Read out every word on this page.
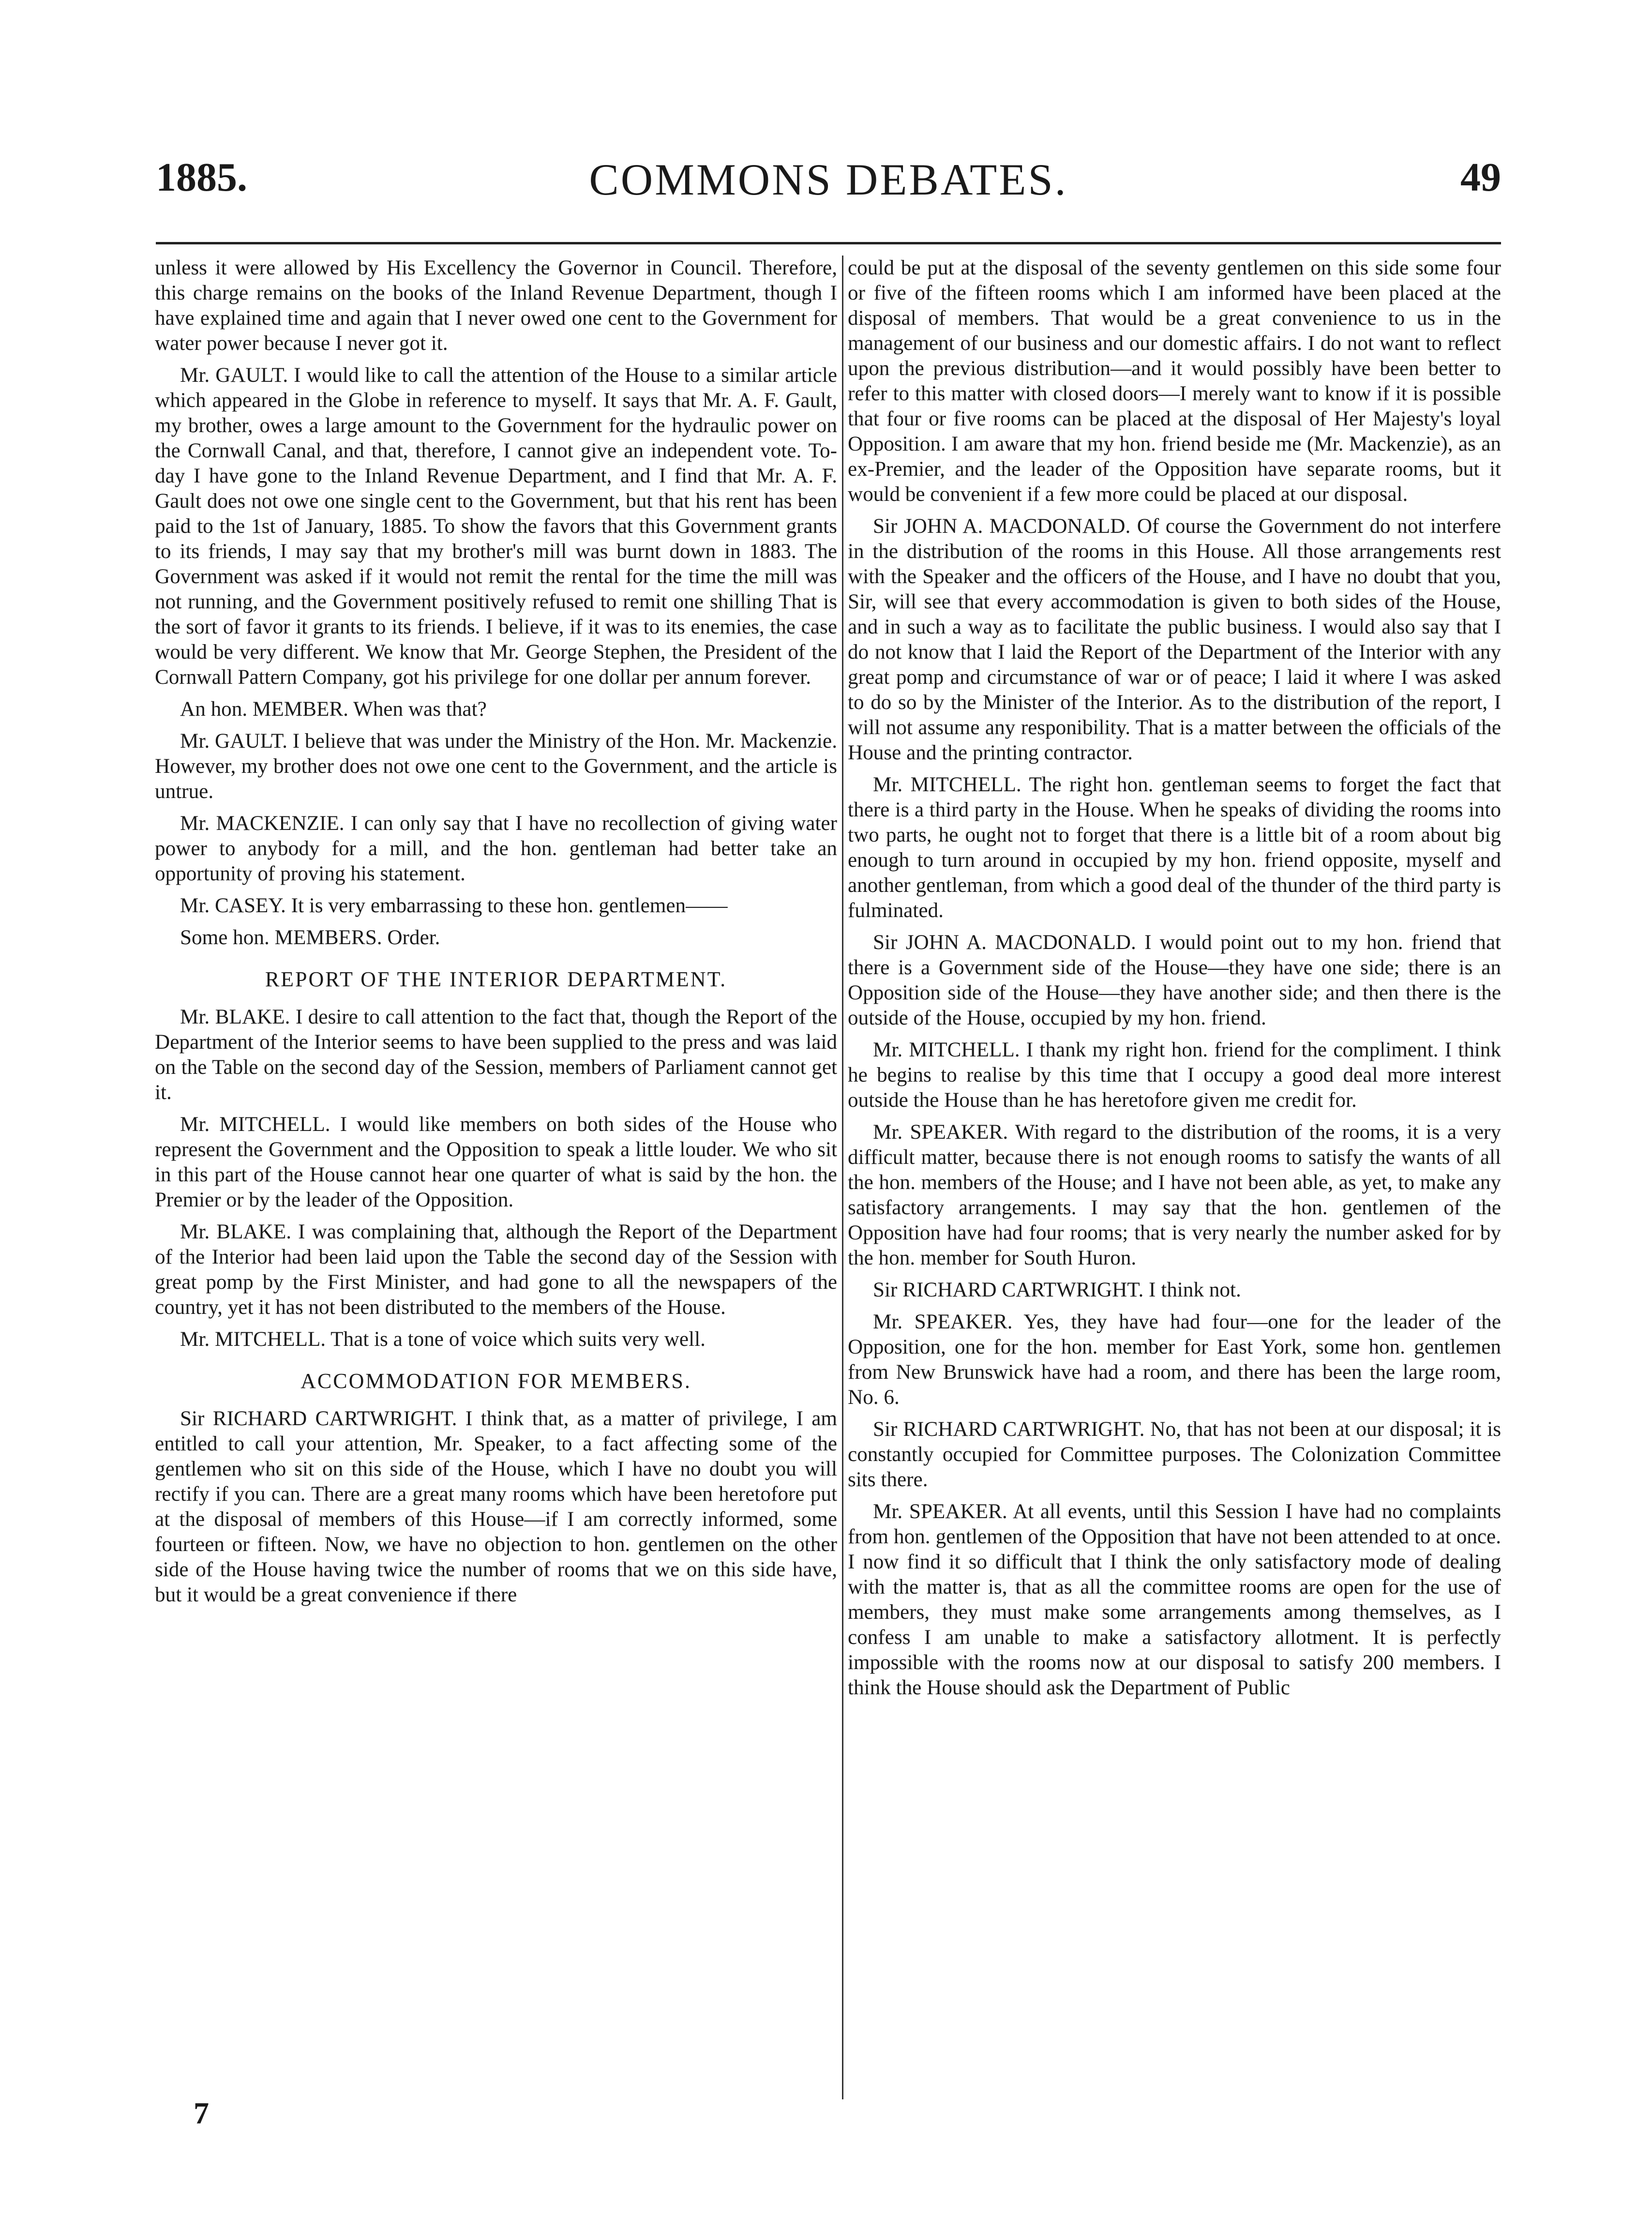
1885.	COMMONS DEBATES.	49

unless it were allowed by His Excellency the Governor in Council. Therefore, this charge remains on the books of the Inland Revenue Department, though I have explained time and again that I never owed one cent to the Government for water power because I never got it.

Mr. GAULT. I would like to call the attention of the House to a similar article which appeared in the Globe in reference to myself. It says that Mr. A. F. Gault, my brother, owes a large amount to the Government for the hydraulic power on the Cornwall Canal, and that, therefore, I cannot give an independent vote. To-day I have gone to the Inland Revenue Department, and I find that Mr. A. F. Gault does not owe one single cent to the Government, but that his rent has been paid to the 1st of January, 1885. To show the favors that this Government grants to its friends, I may say that my brother's mill was burnt down in 1883. The Government was asked if it would not remit the rental for the time the mill was not running, and the Government positively refused to remit one shilling That is the sort of favor it grants to its friends. I believe, if it was to its enemies, the case would be very different. We know that Mr. George Stephen, the President of the Cornwall Pattern Company, got his privilege for one dollar per annum forever.

An hon. MEMBER. When was that?

Mr. GAULT. I believe that was under the Ministry of the Hon. Mr. Mackenzie. However, my brother does not owe one cent to the Government, and the article is untrue.

Mr. MACKENZIE. I can only say that I have no recollection of giving water power to anybody for a mill, and the hon. gentleman had better take an opportunity of proving his statement.

Mr. CASEY. It is very embarrassing to these hon. gentlemen——

Some hon. MEMBERS. Order.

REPORT OF THE INTERIOR DEPARTMENT.

Mr. BLAKE. I desire to call attention to the fact that, though the Report of the Department of the Interior seems to have been supplied to the press and was laid on the Table on the second day of the Session, members of Parliament cannot get it.

Mr. MITCHELL. I would like members on both sides of the House who represent the Government and the Opposition to speak a little louder. We who sit in this part of the House cannot hear one quarter of what is said by the hon. the Premier or by the leader of the Opposition.

Mr. BLAKE. I was complaining that, although the Report of the Department of the Interior had been laid upon the Table the second day of the Session with great pomp by the First Minister, and had gone to all the newspapers of the country, yet it has not been distributed to the members of the House.

Mr. MITCHELL. That is a tone of voice which suits very well.

ACCOMMODATION FOR MEMBERS.

Sir RICHARD CARTWRIGHT. I think that, as a matter of privilege, I am entitled to call your attention, Mr. Speaker, to a fact affecting some of the gentlemen who sit on this side of the House, which I have no doubt you will rectify if you can. There are a great many rooms which have been heretofore put at the disposal of members of this House—if I am correctly informed, some fourteen or fifteen. Now, we have no objection to hon. gentlemen on the other side of the House having twice the number of rooms that we on this side have, but it would be a great convenience if there

could be put at the disposal of the seventy gentlemen on this side some four or five of the fifteen rooms which I am informed have been placed at the disposal of members. That would be a great convenience to us in the management of our business and our domestic affairs. I do not want to reflect upon the previous distribution—and it would possibly have been better to refer to this matter with closed doors—I merely want to know if it is possible that four or five rooms can be placed at the disposal of Her Majesty's loyal Opposition. I am aware that my hon. friend beside me (Mr. Mackenzie), as an ex-Premier, and the leader of the Opposition have separate rooms, but it would be convenient if a few more could be placed at our disposal.

Sir JOHN A. MACDONALD. Of course the Government do not interfere in the distribution of the rooms in this House. All those arrangements rest with the Speaker and the officers of the House, and I have no doubt that you, Sir, will see that every accommodation is given to both sides of the House, and in such a way as to facilitate the public business. I would also say that I do not know that I laid the Report of the Department of the Interior with any great pomp and circumstance of war or of peace; I laid it where I was asked to do so by the Minister of the Interior. As to the distribution of the report, I will not assume any responibility. That is a matter between the officials of the House and the printing contractor.

Mr. MITCHELL. The right hon. gentleman seems to forget the fact that there is a third party in the House. When he speaks of dividing the rooms into two parts, he ought not to forget that there is a little bit of a room about big enough to turn around in occupied by my hon. friend opposite, myself and another gentleman, from which a good deal of the thunder of the third party is fulminated.

Sir JOHN A. MACDONALD. I would point out to my hon. friend that there is a Government side of the House—they have one side; there is an Opposition side of the House—they have another side; and then there is the outside of the House, occupied by my hon. friend.

Mr. MITCHELL. I thank my right hon. friend for the compliment. I think he begins to realise by this time that I occupy a good deal more interest outside the House than he has heretofore given me credit for.

Mr. SPEAKER. With regard to the distribution of the rooms, it is a very difficult matter, because there is not enough rooms to satisfy the wants of all the hon. members of the House; and I have not been able, as yet, to make any satisfactory arrangements. I may say that the hon. gentlemen of the Opposition have had four rooms; that is very nearly the number asked for by the hon. member for South Huron.

Sir RICHARD CARTWRIGHT. I think not.

Mr. SPEAKER. Yes, they have had four—one for the leader of the Opposition, one for the hon. member for East York, some hon. gentlemen from New Brunswick have had a room, and there has been the large room, No. 6.

Sir RICHARD CARTWRIGHT. No, that has not been at our disposal; it is constantly occupied for Committee purposes. The Colonization Committee sits there.

Mr. SPEAKER. At all events, until this Session I have had no complaints from hon. gentlemen of the Opposition that have not been attended to at once. I now find it so difficult that I think the only satisfactory mode of dealing with the matter is, that as all the committee rooms are open for the use of members, they must make some arrangements among themselves, as I confess I am unable to make a satisfactory allotment. It is perfectly impossible with the rooms now at our disposal to satisfy 200 members. I think the House should ask the Department of Public

7
